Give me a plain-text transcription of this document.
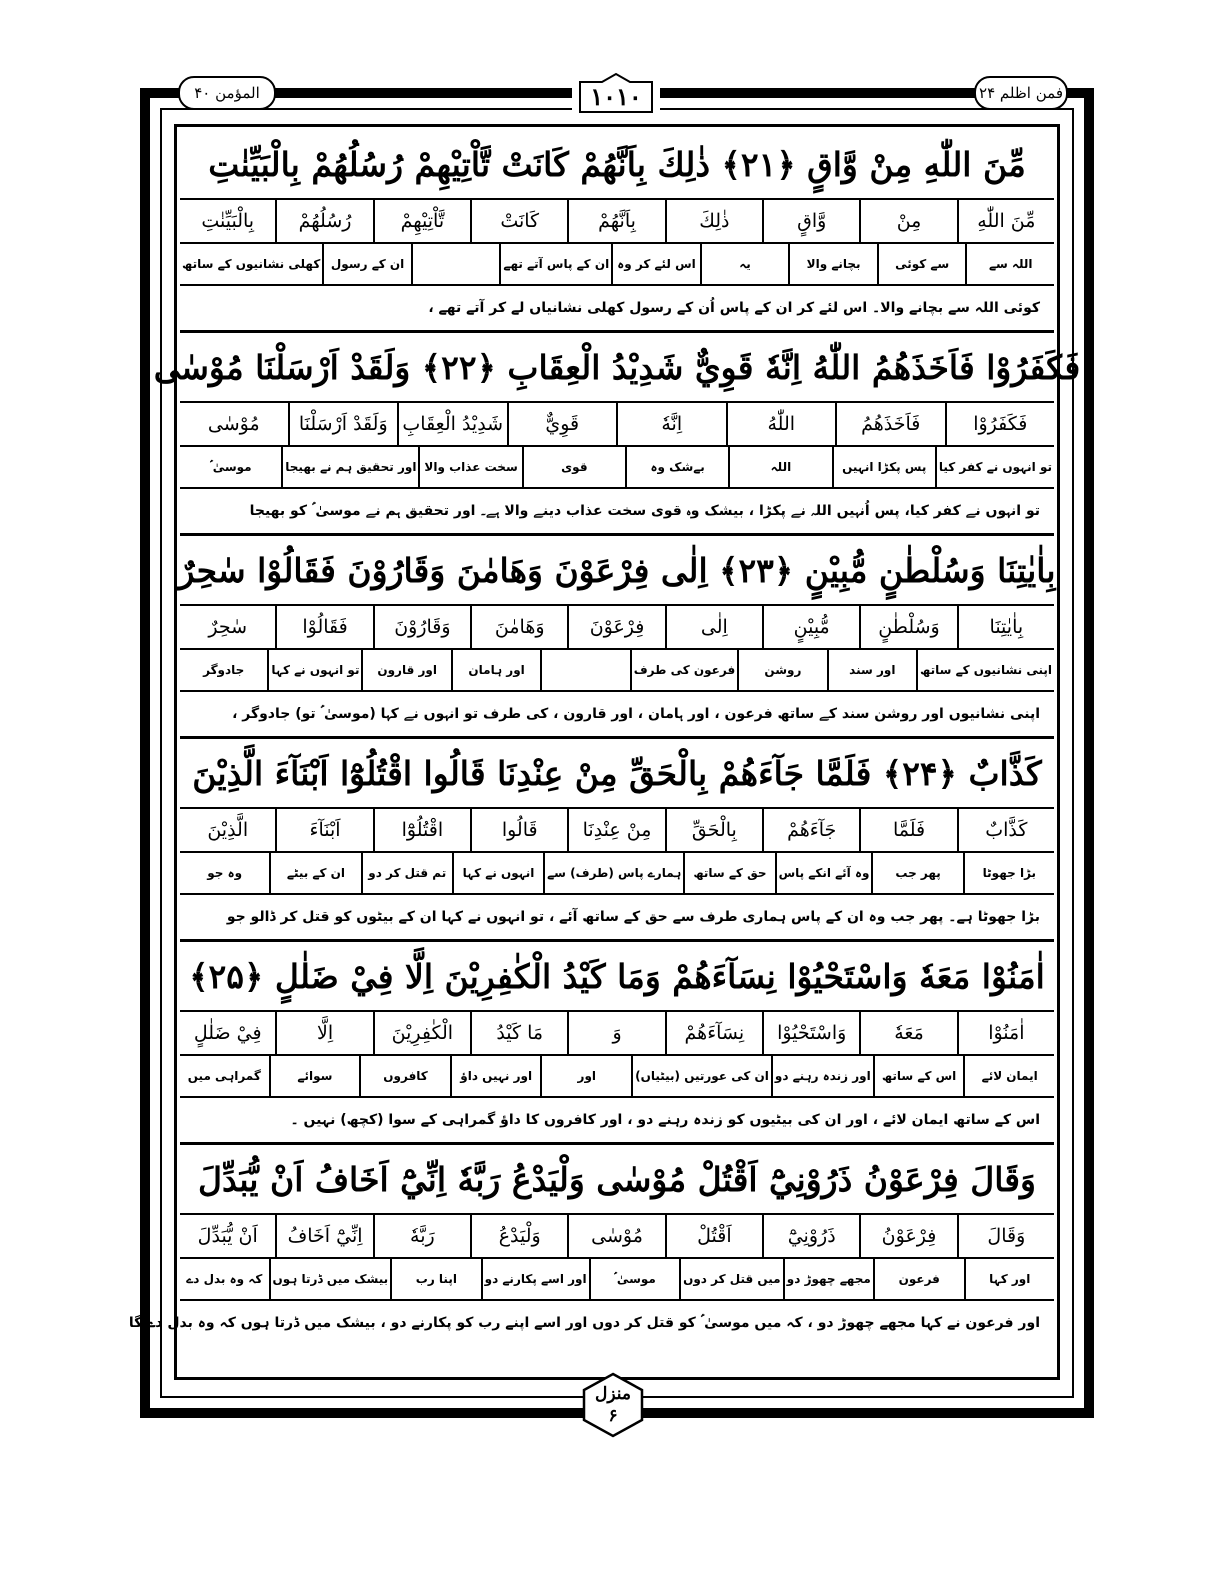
المؤمن ۴۰	۱۰۱۰	فمن اظلم ۲۴
مِّنَ اللّٰهِ مِنْ وَّاقٍ ﴿۲۱﴾ ذٰلِكَ بِاَنَّهُمْ كَانَتْ تَّاْتِيْهِمْ رُسُلُهُمْ بِالْبَيِّنٰتِ
مِّنَ اللّٰهِ
مِنْ
وَّاقٍ
ذٰلِكَ
بِاَنَّهُمْ
كَانَتْ
تَّاْتِيْهِمْ
رُسُلُهُمْ
بِالْبَيِّنٰتِ
اللہ سے
سے کوئی
بچانے والا
یہ
اس لئے کر وہ
ان کے پاس آتے تھے
ان کے رسول
کھلی نشانیوں کے ساتھ
کوئی اللہ سے بچانے والا۔ اس لئے کر ان کے پاس اُن کے رسول کھلی نشانیاں لے کر آتے تھے ،
فَكَفَرُوْا فَاَخَذَهُمُ اللّٰهُ اِنَّهٗ قَوِيٌّ شَدِيْدُ الْعِقَابِ ﴿۲۲﴾ وَلَقَدْ اَرْسَلْنَا مُوْسٰى
فَكَفَرُوْا
فَاَخَذَهُمُ
اللّٰهُ
اِنَّهٗ
قَوِيٌّ
شَدِيْدُ الْعِقَابِ
وَلَقَدْ اَرْسَلْنَا
مُوْسٰى
تو انہوں نے کفر کیا
پس پکڑا انہیں
اللہ
بےشک وہ
قوی
سخت عذاب والا
اور تحقیق ہم نے بھیجا
موسیٰ ؑ
تو انہوں نے کفر کیا، پس اُنہیں اللہ نے پکڑا ، بیشک وہ قوی سخت عذاب دینے والا ہے۔ اور تحقیق ہم نے موسیٰ ؑ کو بھیجا
بِاٰيٰتِنَا وَسُلْطٰنٍ مُّبِيْنٍ ﴿۲۳﴾ اِلٰى فِرْعَوْنَ وَهَامٰنَ وَقَارُوْنَ فَقَالُوْا سٰحِرٌ
بِاٰيٰتِنَا
وَسُلْطٰنٍ
مُّبِيْنٍ
اِلٰى
فِرْعَوْنَ
وَهَامٰنَ
وَقَارُوْنَ
فَقَالُوْا
سٰحِرٌ
اپنی نشانیوں کے ساتھ
اور سند
روشن
فرعون کی طرف
اور ہامان
اور قارون
تو انہوں نے کہا
جادوگر
اپنی نشانیوں اور روشن سند کے ساتھ فرعون ، اور ہامان ، اور قارون ، کی طرف تو انہوں نے کہا (موسیٰ ؑ تو) جادوگر ،
كَذَّابٌ ﴿۲۴﴾ فَلَمَّا جَآءَهُمْ بِالْحَقِّ مِنْ عِنْدِنَا قَالُوا اقْتُلُوْٓا اَبْنَآءَ الَّذِيْنَ
كَذَّابٌ
فَلَمَّا
جَآءَهُمْ
بِالْحَقِّ
مِنْ عِنْدِنَا
قَالُوا
اقْتُلُوْٓا
اَبْنَآءَ
الَّذِيْنَ
بڑا جھوٹا
پھر جب
وہ آئے انکے پاس
حق کے ساتھ
ہمارے پاس (طرف) سے
انہوں نے کہا
تم قتل کر دو
ان کے بیٹے
وہ جو
بڑا جھوٹا ہے۔ پھر جب وہ ان کے پاس ہماری طرف سے حق کے ساتھ آئے ، تو انہوں نے کہا ان کے بیٹوں کو قتل کر ڈالو جو
اٰمَنُوْا مَعَهٗ وَاسْتَحْيُوْا نِسَآءَهُمْ وَمَا كَيْدُ الْكٰفِرِيْنَ اِلَّا فِيْ ضَلٰلٍ ﴿۲۵﴾
اٰمَنُوْا
مَعَهٗ
وَاسْتَحْيُوْا
نِسَآءَهُمْ
وَ
مَا كَيْدُ
الْكٰفِرِيْنَ
اِلَّا
فِيْ ضَلٰلٍ
ایمان لائے
اس کے ساتھ
اور زندہ رہنے دو
ان کی عورتیں (بیٹیاں)
اور
اور نہیں داؤ
کافروں
سوائے
گمراہی میں
اس کے ساتھ ایمان لائے ، اور ان کی بیٹیوں کو زندہ رہنے دو ، اور کافروں کا داؤ گمراہی کے سوا (کچھ) نہیں ۔
وَقَالَ فِرْعَوْنُ ذَرُوْنِيْٓ اَقْتُلْ مُوْسٰى وَلْيَدْعُ رَبَّهٗ اِنِّيْٓ اَخَافُ اَنْ يُّبَدِّلَ
وَقَالَ
فِرْعَوْنُ
ذَرُوْنِيْٓ
اَقْتُلْ
مُوْسٰى
وَلْيَدْعُ
رَبَّهٗ
اِنِّيْٓ اَخَافُ
اَنْ يُّبَدِّلَ
اور کہا
فرعون
مجھے چھوڑ دو
میں قتل کر دوں
موسیٰ ؑ
اور اسے پکارنے دو
اپنا رب
بیشک میں ڈرتا ہوں
کہ وہ بدل دے
اور فرعون نے کہا مجھے چھوڑ دو ، کہ میں موسیٰ ؑ کو قتل کر دوں اور اسے اپنے رب کو پکارنے دو ، بیشک میں ڈرتا ہوں کہ وہ بدل دے گا
منزل
۶
